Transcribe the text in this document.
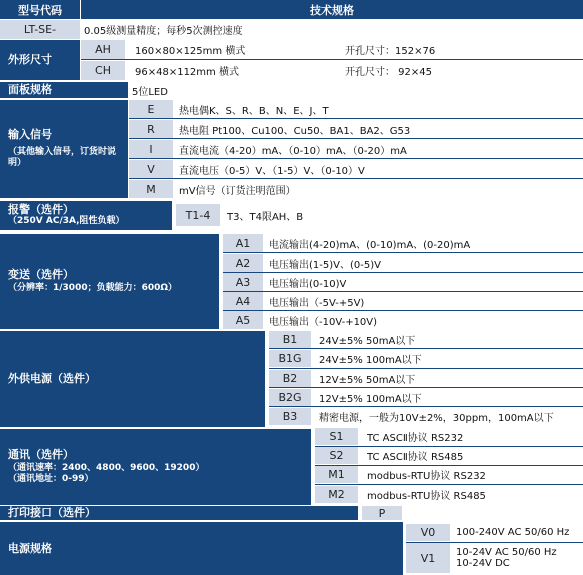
型号代码	技术规格
LT-SE-	0.05级测量精度；每秒5次测控速度
外形尺寸
AH	160×80×125mm 横式	开孔尺寸：152×76
CH	96×48×112mm 横式	开孔尺寸： 92×45
面板规格	5位LED
输入信号
（其他输入信号，订货时说明）
E	热电偶K、S、R、B、N、E、J、T
R	热电阻 Pt100、Cu100、Cu50、BA1、BA2、G53
I	直流电流（4-20）mA、（0-10）mA、（0-20）mA
V	直流电压（0-5）V、（1-5）V、（0-10）V
M	mV信号（订货注明范围）
报警（选件）
（250V AC/3A,阻性负载）	T1-4	T3、T4限AH、B
变送（选件）
（分辨率：1/3000；负载能力：600Ω）
A1	电流输出(4-20)mA、(0-10)mA、(0-20)mA
A2	电压输出(1-5)V、(0-5)V
A3	电压输出(0-10)V
A4	电压输出（-5V-+5V)
A5	电压输出（-10V-+10V)
外供电源（选件）
B1	24V±5% 50mA以下
B1G	24V±5% 100mA以下
B2	12V±5% 50mA以下
B2G	12V±5% 100mA以下
B3	精密电源，一般为10V±2%，30ppm，100mA以下
通讯（选件）
（通讯速率：2400、4800、9600、19200）
（通讯地址：0-99）
S1	TC ASCⅡ协议 RS232
S2	TC ASCⅡ协议 RS485
M1	modbus-RTU协议 RS232
M2	modbus-RTU协议 RS485
打印接口（选件）	P
电源规格
V0	100-240V AC 50/60 Hz
V1	10-24V AC 50/60 Hz
10-24V DC
